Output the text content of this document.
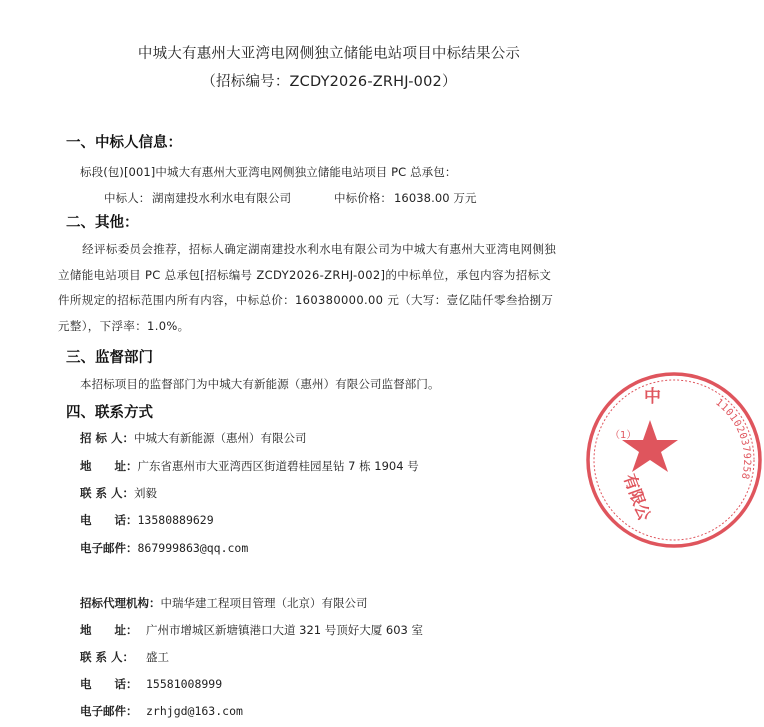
中城大有惠州大亚湾电网侧独立储能电站项目中标结果公示
（招标编号：ZCDY2026-ZRHJ-002）
一、中标人信息：
标段(包)[001]中城大有惠州大亚湾电网侧独立储能电站项目 PC 总承包：
中标人： 湖南建投水利水电有限公司	中标价格： 16038.00 万元
二、其他：
经评标委员会推荐，招标人确定湖南建投水利水电有限公司为中城大有惠州大亚湾电网侧独立储能电站项目 PC 总承包[招标编号 ZCDY2026-ZRHJ-002]的中标单位，承包内容为招标文件所规定的招标范围内所有内容，中标总价：160380000.00 元（大写：壹亿陆仟零叁拾捌万元整），下浮率：1.0%。
三、监督部门
本招标项目的监督部门为中城大有新能源（惠州）有限公司监督部门。
四、联系方式
招 标 人：中城大有新能源（惠州）有限公司
地　　址：广东省惠州市大亚湾西区街道碧桂园星钻 7 栋 1904 号
联 系 人：刘毅
电　　话：13580889629
电子邮件：867999863@qq.com
招标代理机构：中瑞华建工程项目管理（北京）有限公司
地　　址： 广州市增城区新塘镇港口大道 321 号顶好大厦 603 室
联 系 人： 盛工
电　　话： 15581008999
电子邮件： zrhjgd@163.com
1101020379258
中
（1）
有限公
